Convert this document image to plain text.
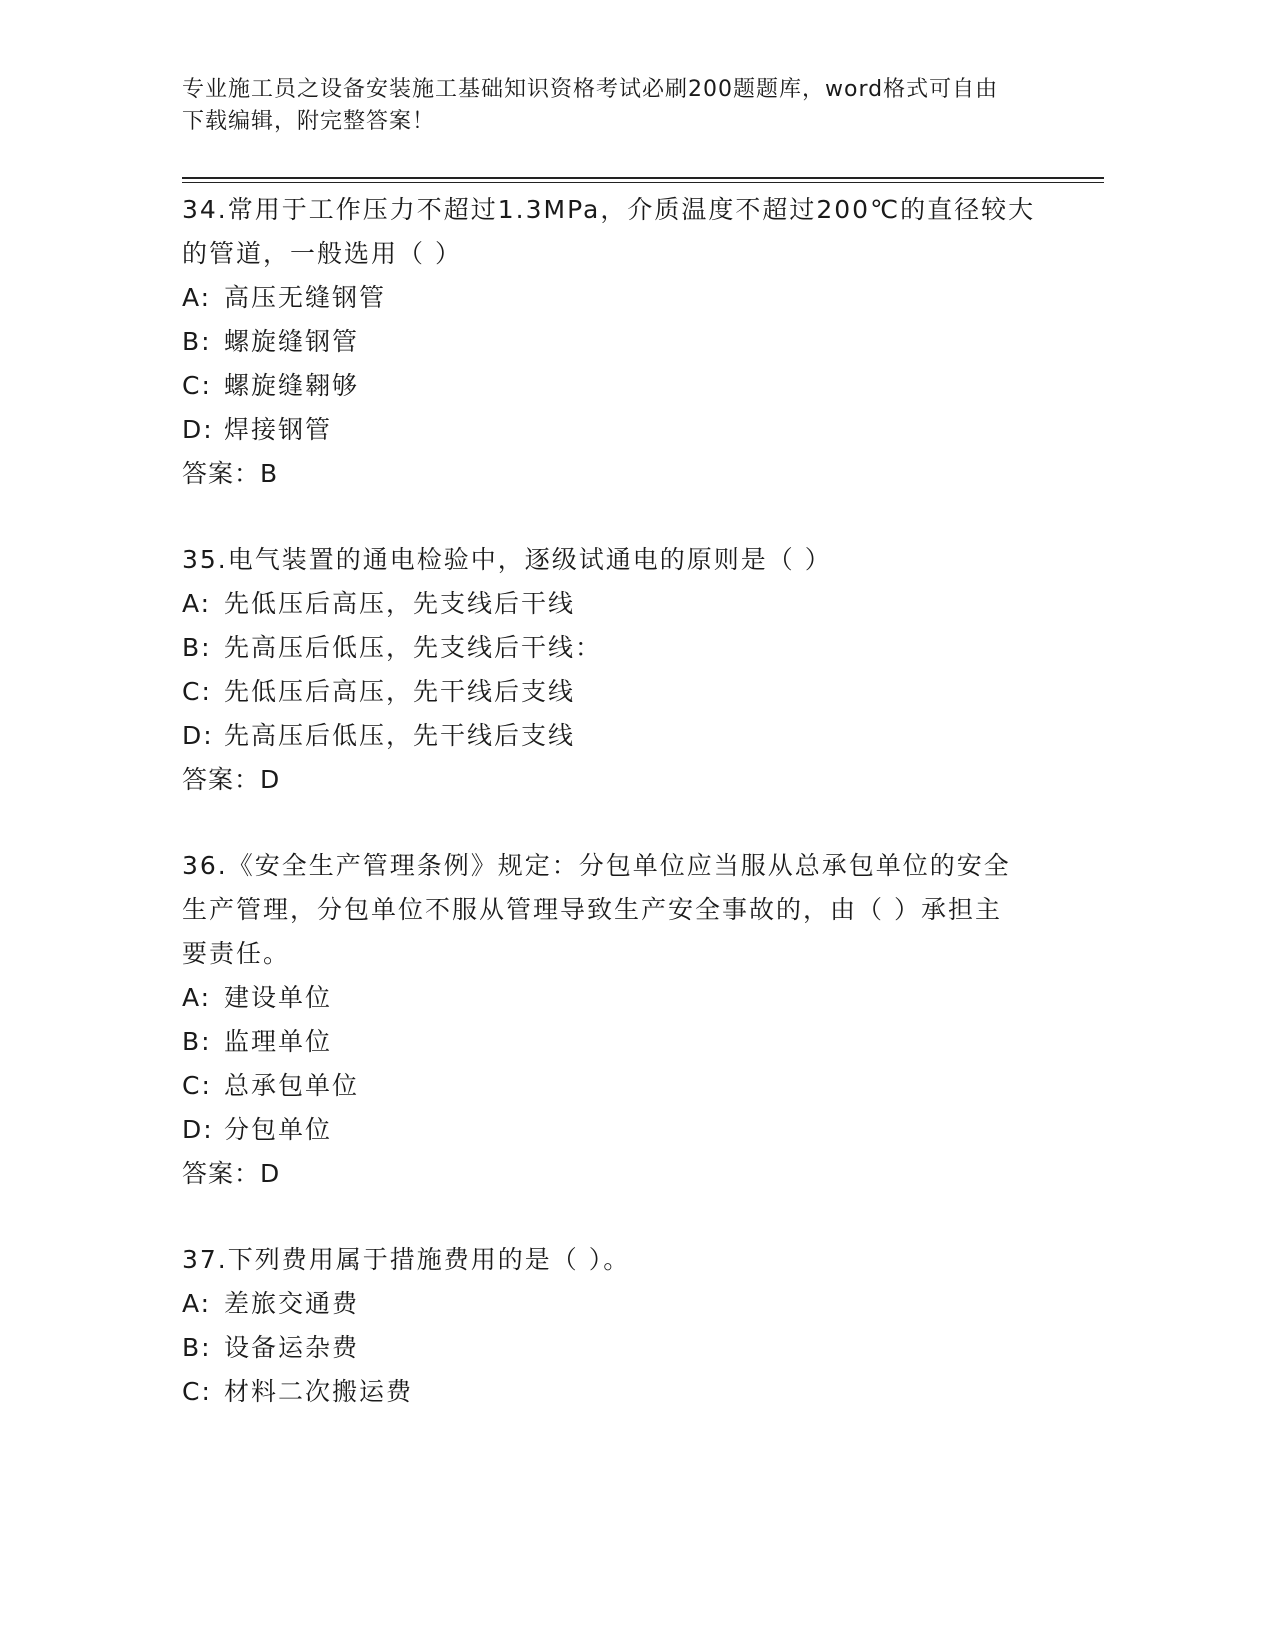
专业施工员之设备安装施工基础知识资格考试必刷200题题库，word格式可自由
下载编辑，附完整答案！
34.常用于工作压力不超过1.3MPa，介质温度不超过200℃的直径较大
的管道，一般选用（ ）
A: 高压无缝钢管
B: 螺旋缝钢管
C: 螺旋缝翱够
D: 焊接钢管
答案：B
35.电气装置的通电检验中，逐级试通电的原则是（ ）
A: 先低压后高压，先支线后干线
B: 先高压后低压，先支线后干线：
C: 先低压后高压，先干线后支线
D: 先高压后低压，先干线后支线
答案：D
36.《安全生产管理条例》规定：分包单位应当服从总承包单位的安全
生产管理，分包单位不服从管理导致生产安全事故的，由（ ）承担主
要责任。
A: 建设单位
B: 监理单位
C: 总承包单位
D: 分包单位
答案：D
37.下列费用属于措施费用的是（ ）。
A: 差旅交通费
B: 设备运杂费
C: 材料二次搬运费
